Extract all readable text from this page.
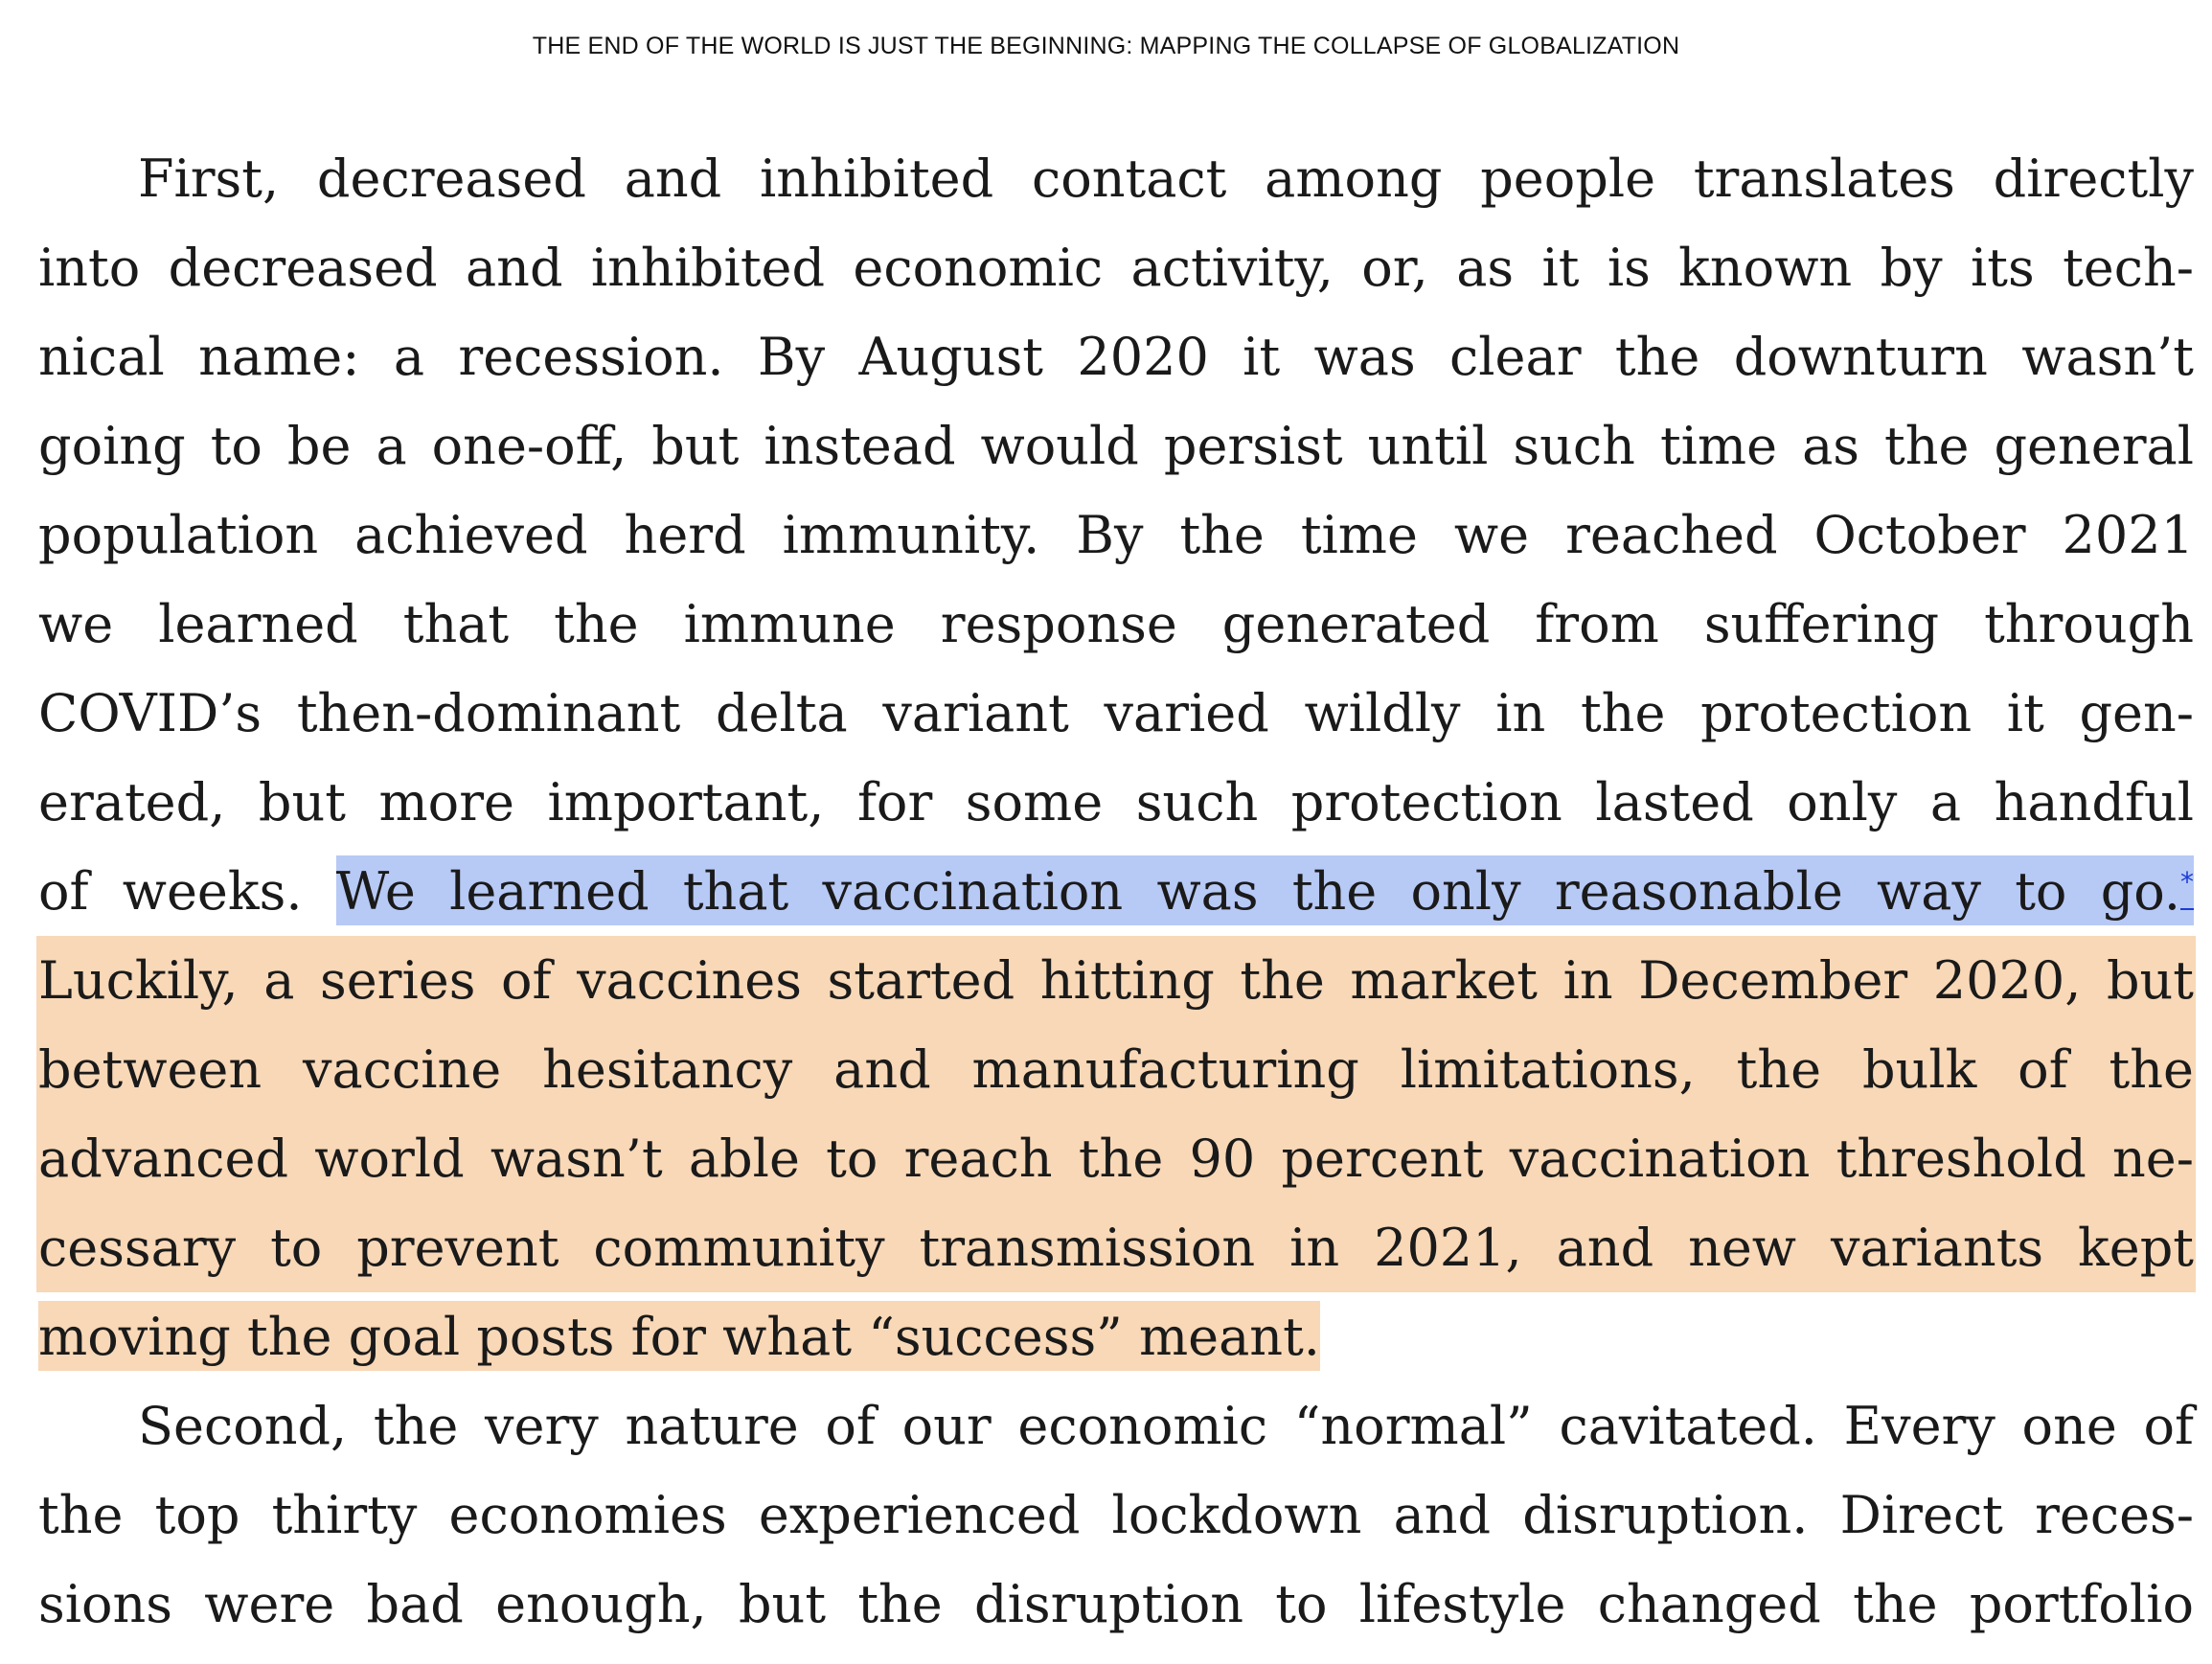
THE END OF THE WORLD IS JUST THE BEGINNING: MAPPING THE COLLAPSE OF GLOBALIZATION
First, decreased and inhibited contact among people translates directly
into decreased and inhibited economic activity, or, as it is known by its tech-
nical name: a recession. By August 2020 it was clear the downturn wasn’t
going to be a one-off, but instead would persist until such time as the general
population achieved herd immunity. By the time we reached October 2021
we learned that the immune response generated from suffering through
COVID’s then-dominant delta variant varied wildly in the protection it gen-
erated, but more important, for some such protection lasted only a handful
of weeks. We learned that vaccination was the only reasonable way to go.*
Luckily, a series of vaccines started hitting the market in December 2020, but
between vaccine hesitancy and manufacturing limitations, the bulk of the
advanced world wasn’t able to reach the 90 percent vaccination threshold ne-
cessary to prevent community transmission in 2021, and new variants kept
moving the goal posts for what “success” meant.
Second, the very nature of our economic “normal” cavitated. Every one of
the top thirty economies experienced lockdown and disruption. Direct reces-
sions were bad enough, but the disruption to lifestyle changed the portfolio
